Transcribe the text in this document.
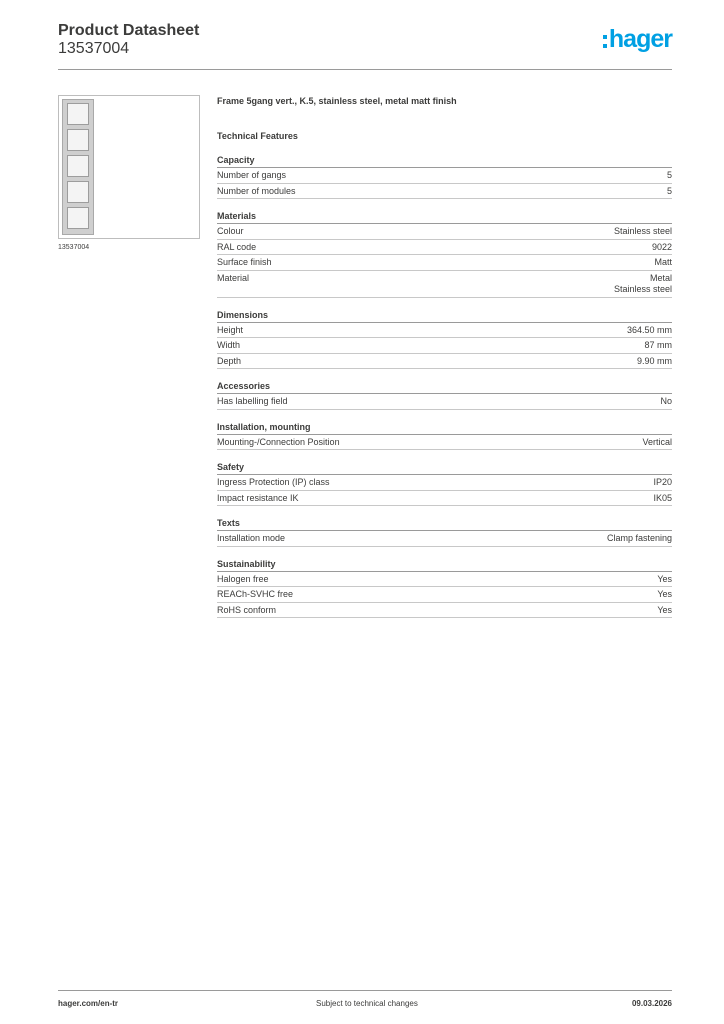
Product Datasheet
13537004	hager
13537004
Frame 5gang vert., K.5, stainless steel, metal matt finish
Technical Features
Capacity
Number of gangs	5
Number of modules	5
Materials
Colour	Stainless steel
RAL code	9022
Surface finish	Matt
Material	Metal
Stainless steel
Dimensions
Height	364.50 mm
Width	87 mm
Depth	9.90 mm
Accessories
Has labelling field	No
Installation, mounting
Mounting-/Connection Position	Vertical
Safety
Ingress Protection (IP) class	IP20
Impact resistance IK	IK05
Texts
Installation mode	Clamp fastening
Sustainability
Halogen free	Yes
REACh-SVHC free	Yes
RoHS conform	Yes
hager.com/en-tr	Subject to technical changes	09.03.2026
